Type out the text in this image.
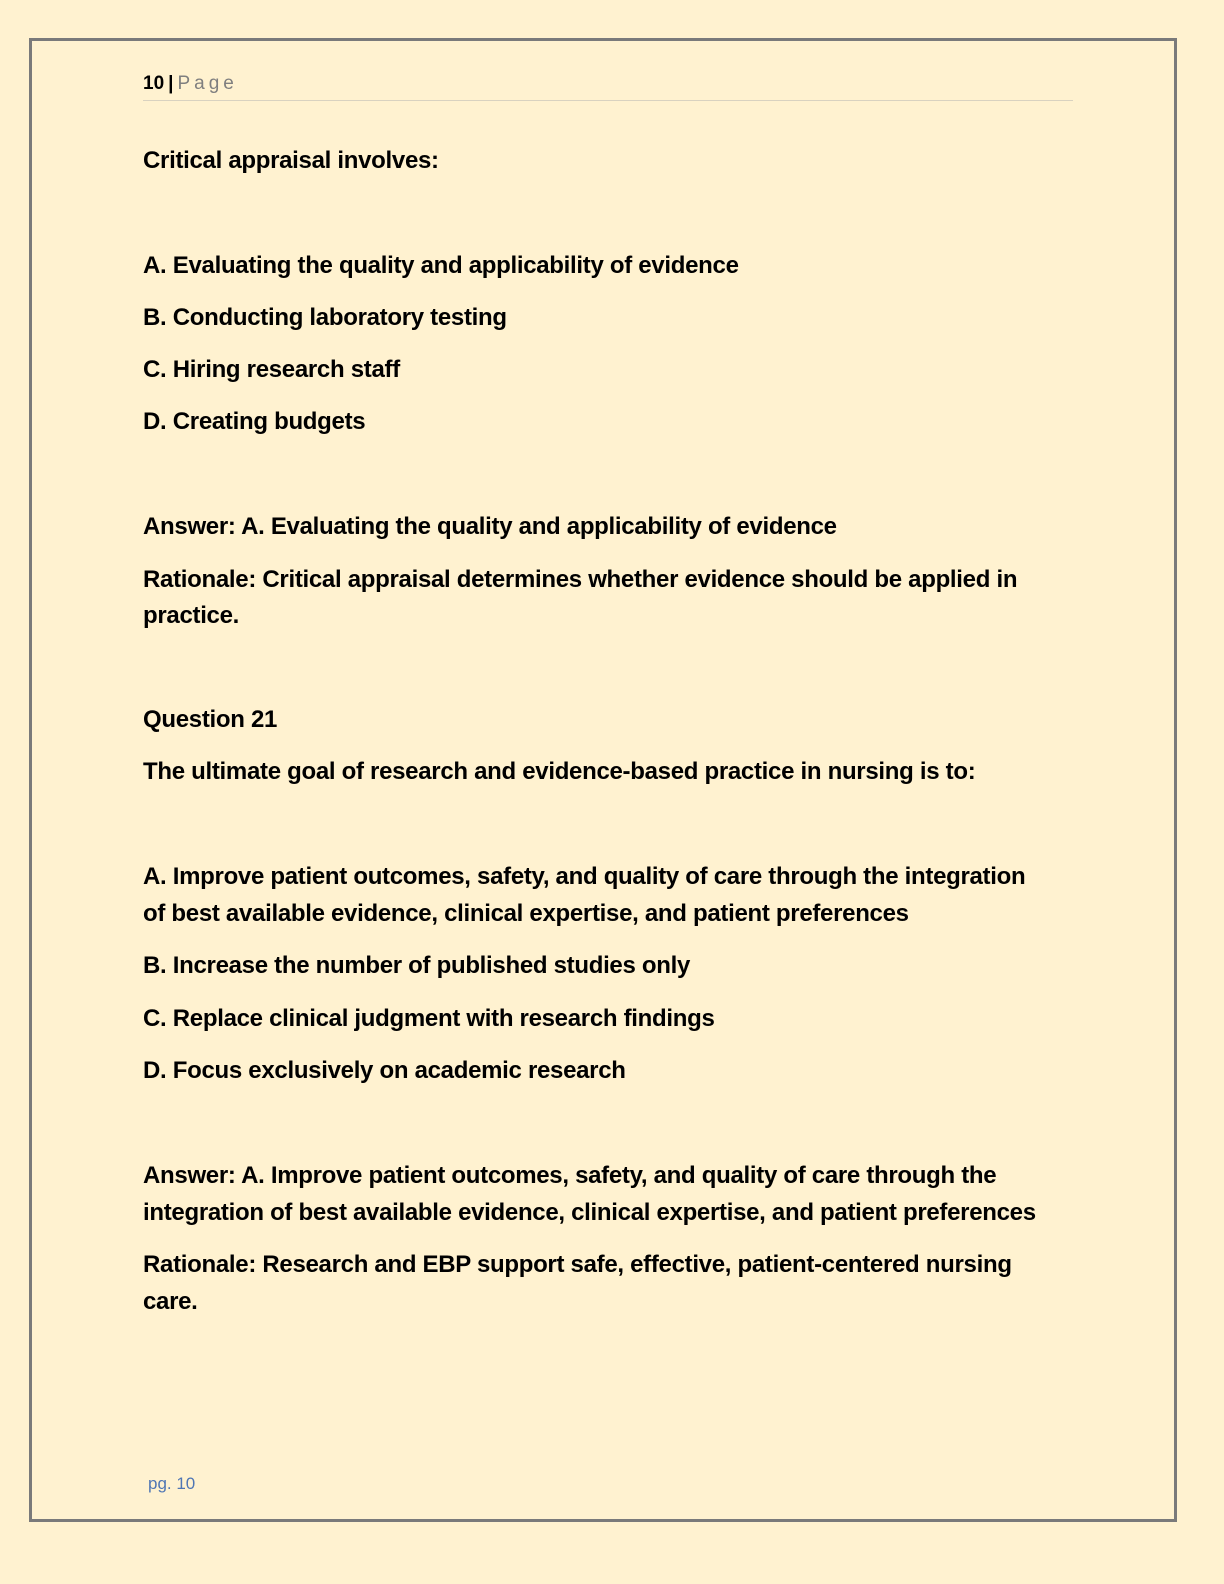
10 | Page
Critical appraisal involves:
A. Evaluating the quality and applicability of evidence
B. Conducting laboratory testing
C. Hiring research staff
D. Creating budgets
Answer: A. Evaluating the quality and applicability of evidence
Rationale: Critical appraisal determines whether evidence should be applied in
practice.
Question 21
The ultimate goal of research and evidence-based practice in nursing is to:
A. Improve patient outcomes, safety, and quality of care through the integration
of best available evidence, clinical expertise, and patient preferences
B. Increase the number of published studies only
C. Replace clinical judgment with research findings
D. Focus exclusively on academic research
Answer: A. Improve patient outcomes, safety, and quality of care through the
integration of best available evidence, clinical expertise, and patient preferences
Rationale: Research and EBP support safe, effective, patient-centered nursing
care.
pg. 10
